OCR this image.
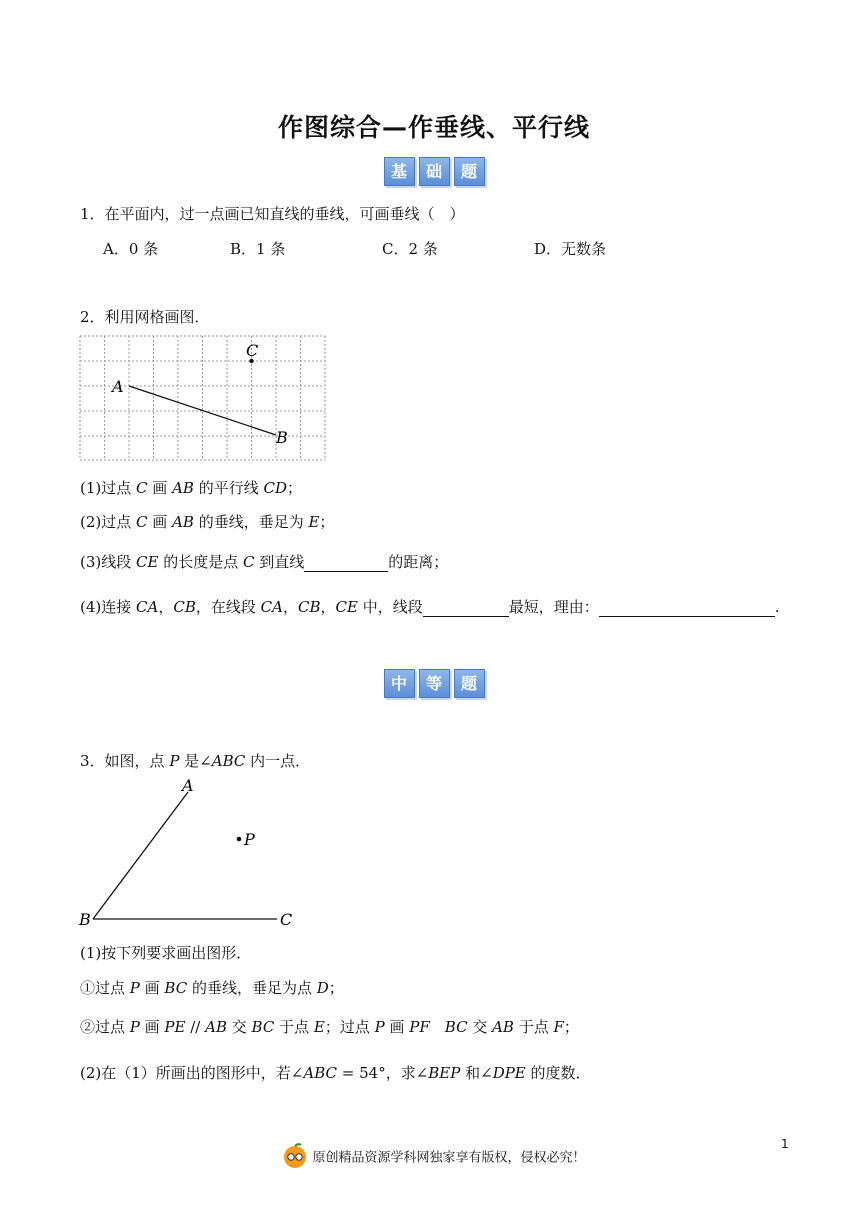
作图综合—作垂线、平行线
基 础 题
1．在平面内，过一点画已知直线的垂线，可画垂线（　）
A．0 条	B．1 条	C．2 条	D．无数条
2．利用网格画图．
A
B
C
(1)过点 C 画 AB 的平行线 CD；
(2)过点 C 画 AB 的垂线，垂足为 E；
(3)线段 CE 的长度是点 C 到直线	的距离；
(4)连接 CA，CB，在线段 CA，CB，CE 中，线段	最短，理由：	.
中 等 题
3．如图，点 P 是∠ABC 内一点．
A
B	C
P
(1)按下列要求画出图形．
①过点 P 画 BC 的垂线，垂足为点 D；
②过点 P 画 PE // AB 交 BC 于点 E；过点 P 画 PF　 BC 交 AB 于点 F；
(2)在（1）所画出的图形中，若∠ABC = 54°，求∠BEP 和∠DPE 的度数．
原创精品资源学科网独家享有版权，侵权必究！
1
